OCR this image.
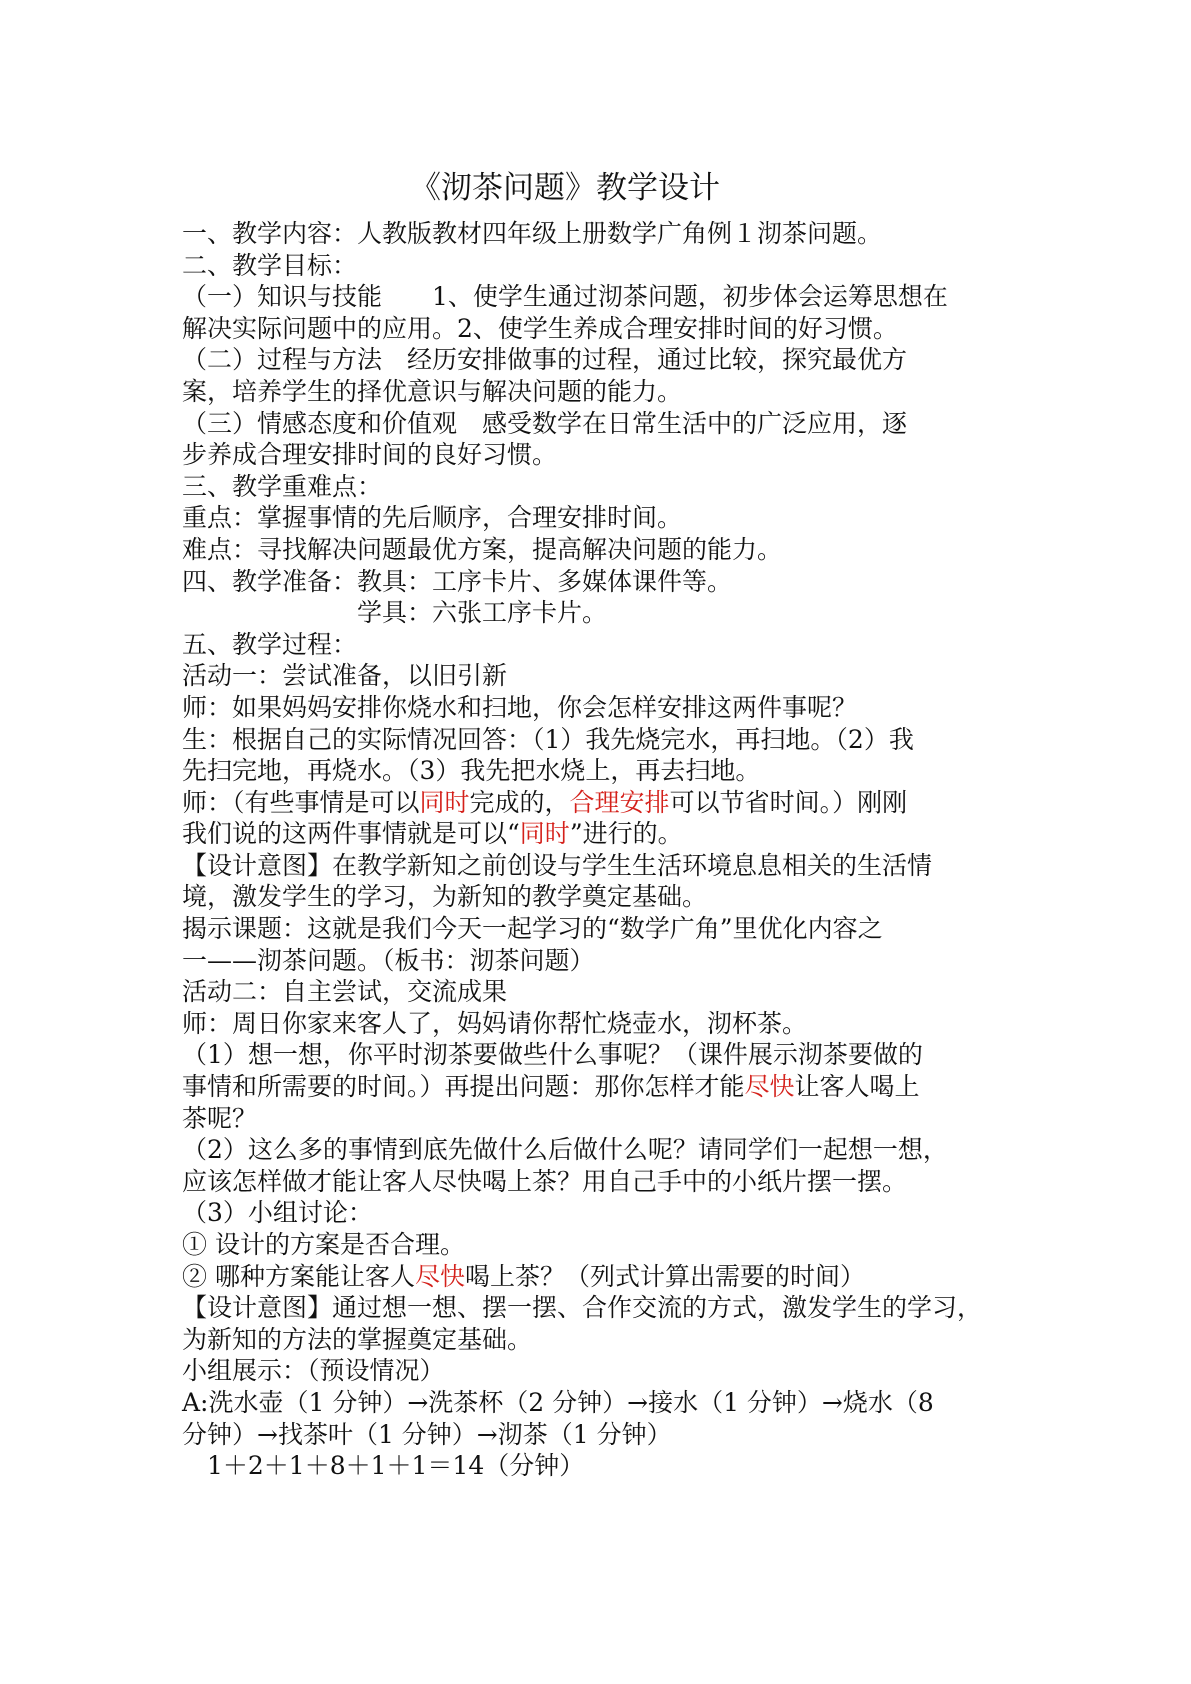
《沏茶问题》教学设计
一、教学内容：人教版教材四年级上册数学广角例１沏茶问题。
二、教学目标：
（一）知识与技能　　1、使学生通过沏茶问题，初步体会运筹思想在
解决实际问题中的应用。2、使学生养成合理安排时间的好习惯。
（二）过程与方法　经历安排做事的过程，通过比较，探究最优方
案，培养学生的择优意识与解决问题的能力。
（三）情感态度和价值观　感受数学在日常生活中的广泛应用，逐
步养成合理安排时间的良好习惯。
三、教学重难点：
重点：掌握事情的先后顺序，合理安排时间。
难点：寻找解决问题最优方案，提高解决问题的能力。
四、教学准备：教具：工序卡片、多媒体课件等。
　　　　　　　学具：六张工序卡片。
五、教学过程：
活动一：尝试准备，以旧引新
师：如果妈妈安排你烧水和扫地，你会怎样安排这两件事呢？
生：根据自己的实际情况回答：（1）我先烧完水，再扫地。（2）我
先扫完地，再烧水。（3）我先把水烧上，再去扫地。
师：（有些事情是可以同时完成的，合理安排可以节省时间。）刚刚
我们说的这两件事情就是可以“同时”进行的。
【设计意图】在教学新知之前创设与学生生活环境息息相关的生活情
境，激发学生的学习，为新知的教学奠定基础。
揭示课题：这就是我们今天一起学习的“数学广角”里优化内容之
一——沏茶问题。（板书：沏茶问题）
活动二：自主尝试，交流成果
师：周日你家来客人了，妈妈请你帮忙烧壶水，沏杯茶。
（1）想一想，你平时沏茶要做些什么事呢？（课件展示沏茶要做的
事情和所需要的时间。）再提出问题：那你怎样才能尽快让客人喝上
茶呢？
（2）这么多的事情到底先做什么后做什么呢？请同学们一起想一想，
应该怎样做才能让客人尽快喝上茶？用自己手中的小纸片摆一摆。
（3）小组讨论：
① 设计的方案是否合理。
② 哪种方案能让客人尽快喝上茶？（列式计算出需要的时间）
【设计意图】通过想一想、摆一摆、合作交流的方式，激发学生的学习，
为新知的方法的掌握奠定基础。
小组展示：（预设情况）
A:洗水壶（1 分钟）→洗茶杯（2 分钟）→接水（1 分钟）→烧水（8
分钟）→找茶叶（1 分钟）→沏茶（1 分钟）
　1＋2＋1＋8＋1＋1＝14（分钟）
